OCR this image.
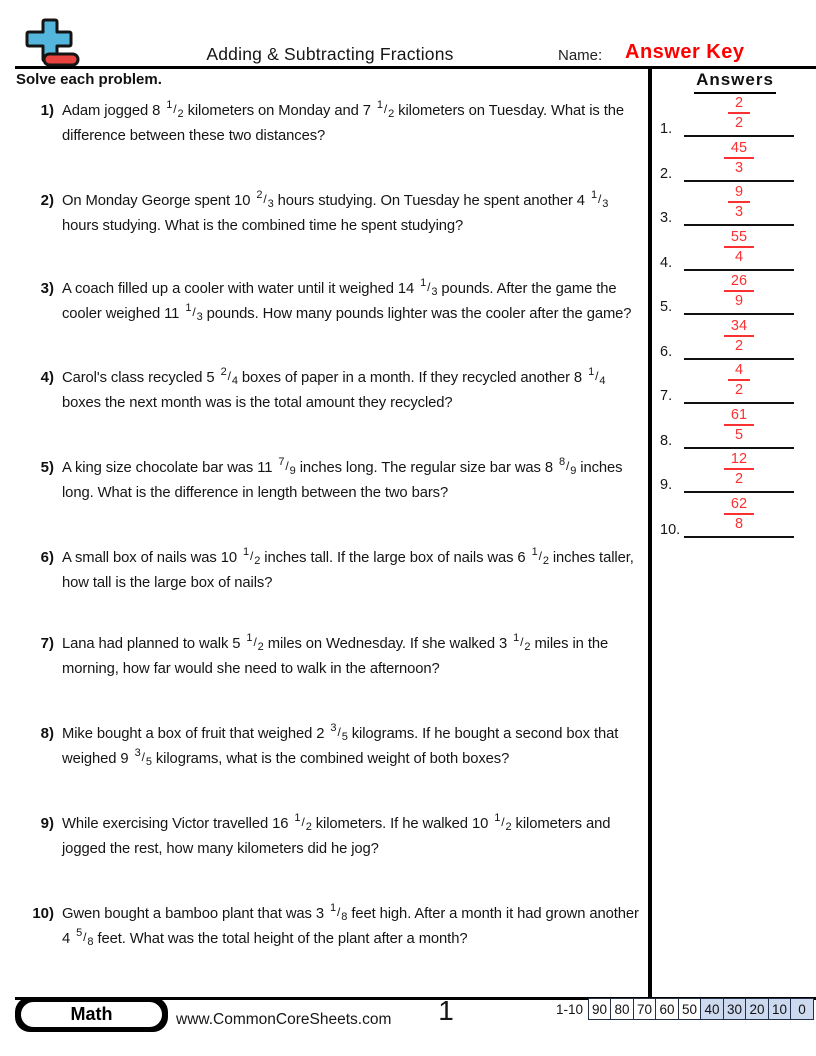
Adding & Subtracting Fractions	Name: Answer Key
Solve each problem.	Answers
1.	$\frac{2}{2}$
2.	$\frac{45}{3}$
3.	$\frac{9}{3}$
4.	$\frac{55}{4}$
5.	$\frac{26}{9}$
6.	$\frac{34}{2}$
7.	$\frac{4}{2}$
8.	$\frac{61}{5}$
9.	$\frac{12}{2}$
10.	$\frac{62}{8}$
1) Adam jogged 8 $^1$/2 kilometers on Monday and 7 $^1$/2 kilometers on Tuesday. What is the difference between these two distances?
2) On Monday George spent 10 $^2$/3 hours studying. On Tuesday he spent another 4 $^1$/3 hours studying. What is the combined time he spent studying?
3) A coach filled up a cooler with water until it weighed 14 $^1$/3 pounds. After the game the cooler weighed 11 $^1$/3 pounds. How many pounds lighter was the cooler after the game?
4) Carol's class recycled 5 $^2$/4 boxes of paper in a month. If they recycled another 8 $^1$/4 boxes the next month was is the total amount they recycled?
5) A king size chocolate bar was 11 $^7$/9 inches long. The regular size bar was 8 $^8$/9 inches long. What is the difference in length between the two bars?
6) A small box of nails was 10 $^1$/2 inches tall. If the large box of nails was 6 $^1$/2 inches taller, how tall is the large box of nails?
7) Lana had planned to walk 5 $^1$/2 miles on Wednesday. If she walked 3 $^1$/2 miles in the morning, how far would she need to walk in the afternoon?
8) Mike bought a box of fruit that weighed 2 $^3$/5 kilograms. If he bought a second box that weighed 9 $^3$/5 kilograms, what is the combined weight of both boxes?
9) While exercising Victor travelled 16 $^1$/2 kilometers. If he walked 10 $^1$/2 kilometers and jogged the rest, how many kilometers did he jog?
10) Gwen bought a bamboo plant that was 3 $^1$/8 feet high. After a month it had grown another 4 $^5$/8 feet. What was the total height of the plant after a month?
Math	www.CommonCoreSheets.com	1	1-10 90 80 70 60 50 40 30 20 10 0
